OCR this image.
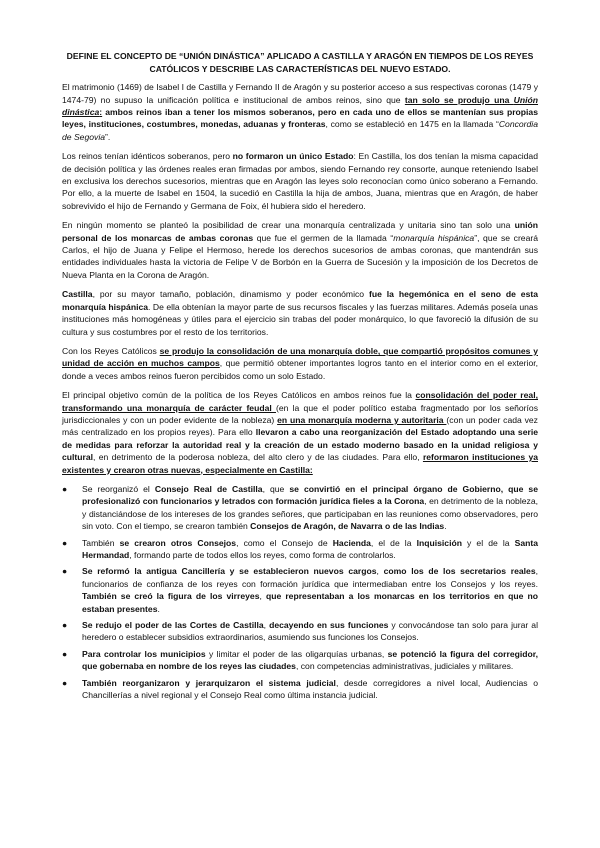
DEFINE EL CONCEPTO DE “UNIÓN DINÁSTICA” APLICADO A CASTILLA Y ARAGÓN EN TIEMPOS DE LOS REYES CATÓLICOS Y DESCRIBE LAS CARACTERÍSTICAS DEL NUEVO ESTADO.

El matrimonio (1469) de Isabel I de Castilla y Fernando II de Aragón y su posterior acceso a sus respectivas coronas (1479 y 1474-79) no supuso la unificación política e institucional de ambos reinos, sino que tan solo se produjo una Unión dinástica: ambos reinos iban a tener los mismos soberanos, pero en cada uno de ellos se mantenían sus propias leyes, instituciones, costumbres, monedas, aduanas y fronteras, como se estableció en 1475 en la llamada “Concordia de Segovia”.

Los reinos tenían idénticos soberanos, pero no formaron un único Estado: En Castilla, los dos tenían la misma capacidad de decisión política y las órdenes reales eran firmadas por ambos, siendo Fernando rey consorte, aunque reteniendo Isabel en exclusiva los derechos sucesorios, mientras que en Aragón las leyes solo reconocían como único soberano a Fernando. Por ello, a la muerte de Isabel en 1504, la sucedió en Castilla la hija de ambos, Juana, mientras que en Aragón, de haber sobrevivido el hijo de Fernando y Germana de Foix, él hubiera sido el heredero.

En ningún momento se planteó la posibilidad de crear una monarquía centralizada y unitaria sino tan solo una unión personal de los monarcas de ambas coronas que fue el germen de la llamada “monarquía hispánica”, que se creará Carlos, el hijo de Juana y Felipe el Hermoso, herede los derechos sucesorios de ambas coronas, que mantendrán sus entidades individuales hasta la victoria de Felipe V de Borbón en la Guerra de Sucesión y la imposición de los Decretos de Nueva Planta en la Corona de Aragón.

Castilla, por su mayor tamaño, población, dinamismo y poder económico fue la hegemónica en el seno de esta monarquía hispánica. De ella obtenían la mayor parte de sus recursos fiscales y las fuerzas militares. Además poseía unas instituciones más homogéneas y útiles para el ejercicio sin trabas del poder monárquico, lo que favoreció la difusión de su cultura y sus costumbres por el resto de los territorios.

Con los Reyes Católicos se produjo la consolidación de una monarquía doble, que compartió propósitos comunes y unidad de acción en muchos campos, que permitió obtener importantes logros tanto en el interior como en el exterior, donde a veces ambos reinos fueron percibidos como un solo Estado.

El principal objetivo común de la política de los Reyes Católicos en ambos reinos fue la consolidación del poder real, transformando una monarquía de carácter feudal (en la que el poder político estaba fragmentado por los señoríos jurisdiccionales y con un poder evidente de la nobleza) en una monarquía moderna y autoritaria (con un poder cada vez más centralizado en los propios reyes). Para ello llevaron a cabo una reorganización del Estado adoptando una serie de medidas para reforzar la autoridad real y la creación de un estado moderno basado en la unidad religiosa y cultural, en detrimento de la poderosa nobleza, del alto clero y de las ciudades. Para ello, reformaron instituciones ya existentes y crearon otras nuevas, especialmente en Castilla:

●	Se reorganizó el Consejo Real de Castilla, que se convirtió en el principal órgano de Gobierno, que se profesionalizó con funcionarios y letrados con formación jurídica fieles a la Corona, en detrimento de la nobleza, y distanciándose de los intereses de los grandes señores, que participaban en las reuniones como observadores, pero sin voto. Con el tiempo, se crearon también Consejos de Aragón, de Navarra o de las Indias.
●	También se crearon otros Consejos, como el Consejo de Hacienda, el de la Inquisición y el de la Santa Hermandad, formando parte de todos ellos los reyes, como forma de controlarlos.
●	Se reformó la antigua Cancillería y se establecieron nuevos cargos, como los de los secretarios reales, funcionarios de confianza de los reyes con formación jurídica que intermediaban entre los Consejos y los reyes. También se creó la figura de los virreyes, que representaban a los monarcas en los territorios en que no estaban presentes.
●	Se redujo el poder de las Cortes de Castilla, decayendo en sus funciones y convocándose tan solo para jurar al heredero o establecer subsidios extraordinarios, asumiendo sus funciones los Consejos.
●	Para controlar los municipios y limitar el poder de las oligarquías urbanas, se potenció la figura del corregidor, que gobernaba en nombre de los reyes las ciudades, con competencias administrativas, judiciales y militares.
●	También reorganizaron y jerarquizaron el sistema judicial, desde corregidores a nivel local, Audiencias o Chancillerías a nivel regional y el Consejo Real como última instancia judicial.
